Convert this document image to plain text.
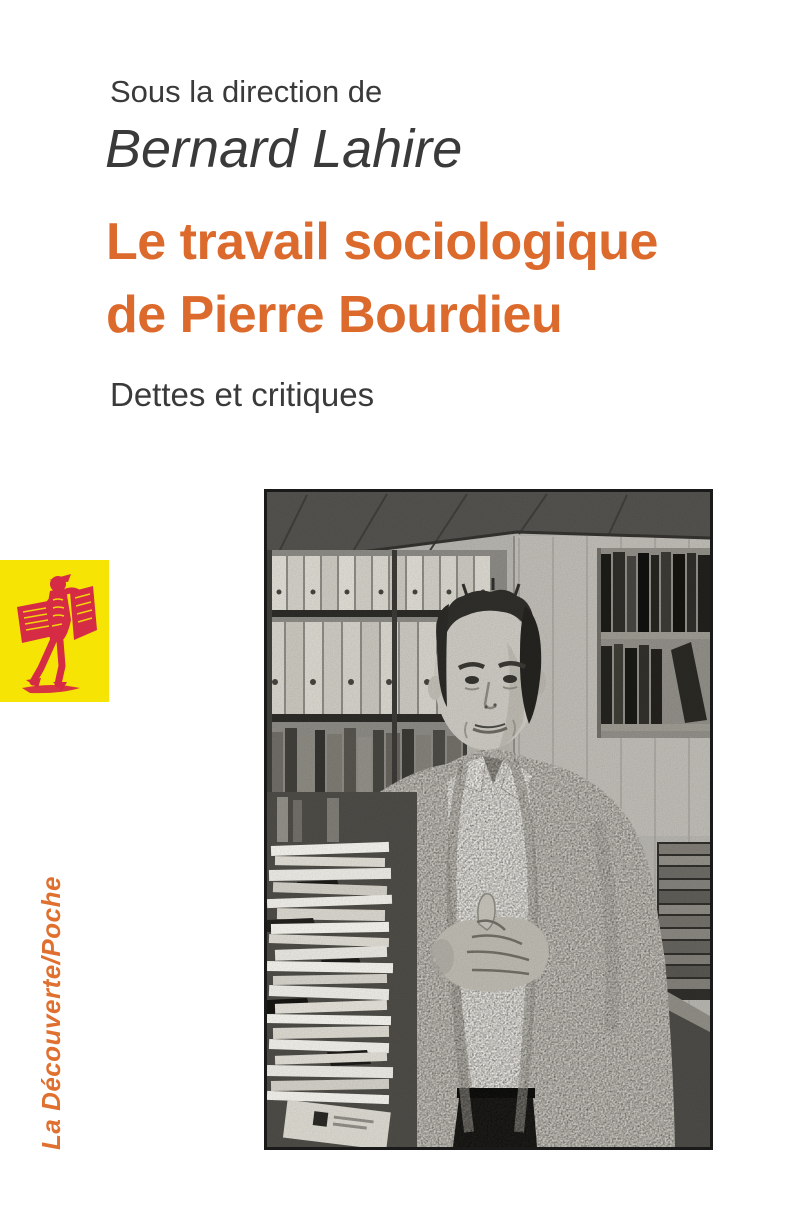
Sous la direction de
Bernard Lahire
Le travail sociologique
de Pierre Bourdieu
Dettes et critiques
La Découverte/Poche
